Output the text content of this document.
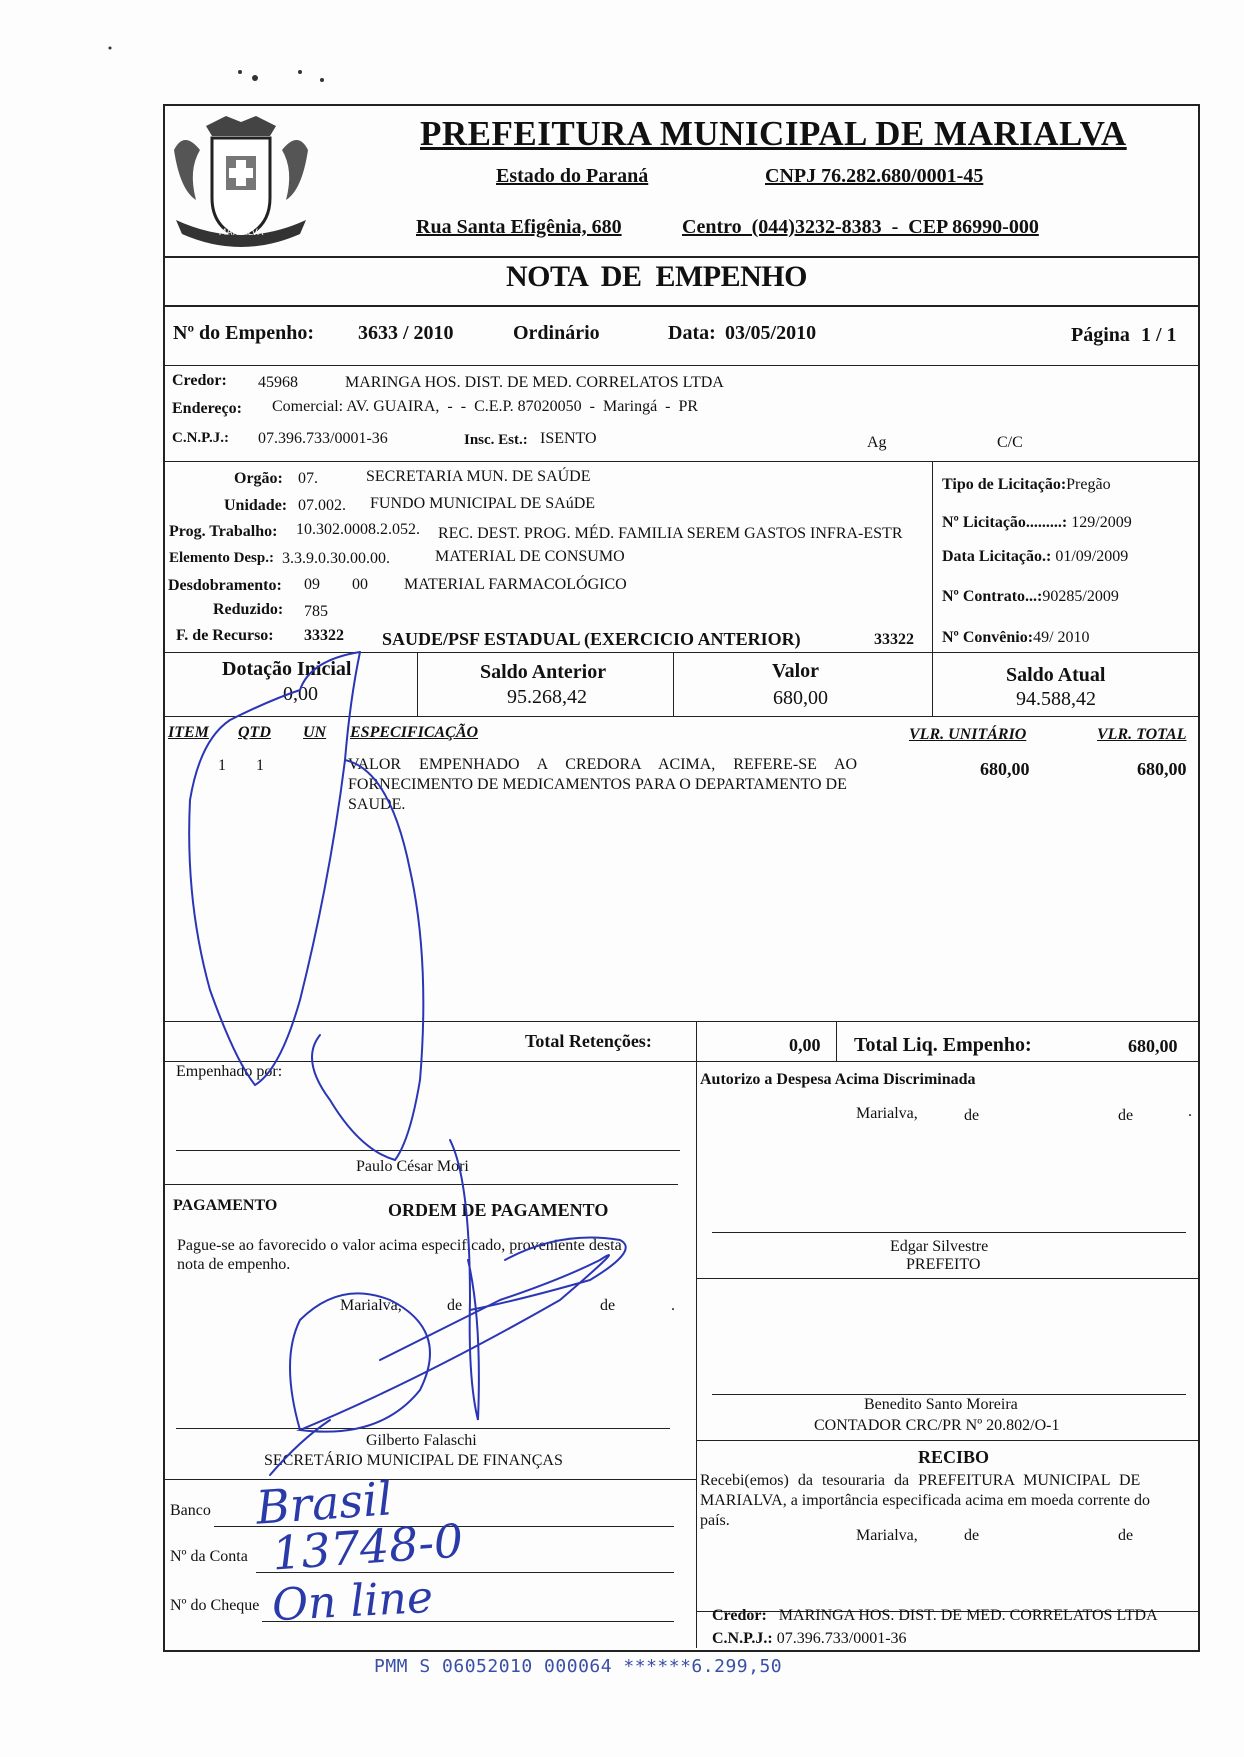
MARIALVA
PREFEITURA MUNICIPAL DE MARIALVA
Estado do Paraná	CNPJ 76.282.680/0001-45
Rua Santa Efigênia, 680	Centro  (044)3232-8383  -  CEP 86990-000
NOTA  DE  EMPENHO
Nº do Empenho: 3633 / 2010	Ordinário	Data: 03/05/2010	Página 1 / 1
Credor: 45968	MARINGA HOS. DIST. DE MED. CORRELATOS LTDA
Endereço: Comercial: AV. GUAIRA,  -  -  C.E.P. 87020050  -  Maringá  -  PR
C.N.P.J.: 07.396.733/0001-36	Insc. Est.: ISENTO	Ag	C/C
Orgão: 07.	SECRETARIA MUN. DE SAÚDE
Unidade: 07.002. FUNDO MUNICIPAL DE SAúDE
Prog. Trabalho: 10.302.0008.2.052. REC. DEST. PROG. MÉD. FAMILIA SEREM GASTOS INFRA-ESTR
Elemento Desp.: 3.3.9.0.30.00.00.	MATERIAL DE CONSUMO
Desdobramento: 09 00 MATERIAL FARMACOLÓGICO
Reduzido: 785
F. de Recurso: 33322 SAUDE/PSF ESTADUAL (EXERCICIO ANTERIOR)	33322
Tipo de Licitação:Pregão
Nº Licitação.........: 129/2009
Data Licitação.: 01/09/2009
Nº Contrato...:90285/2009
Nº Convênio:49/ 2010
Dotação Inicial
0,00
Saldo Anterior
95.268,42
Valor
680,00
Saldo Atual
94.588,42
ITEM QTD UN ESPECIFICAÇÃO	VLR. UNITÁRIO	VLR. TOTAL
1 1	VALOR EMPENHADO A CREDORA ACIMA, REFERE-SE AO
FORNECIMENTO DE MEDICAMENTOS PARA O DEPARTAMENTO DE
SAUDE.
680,00	680,00
Total Retenções:	0,00 Total Liq. Empenho:	680,00
Empenhado por:
Paulo César Mori
PAGAMENTO	ORDEM DE PAGAMENTO
Pague-se ao favorecido o valor acima especificado, proveniente desta
nota de empenho.
Marialva,	de	de	.
Gilberto Falaschi
SECRETÁRIO MUNICIPAL DE FINANÇAS
Banco Brasil
Nº da Conta 13748-0
Nº do Cheque On line
Autorizo a Despesa Acima Discriminada
Marialva,	de	de	.
Edgar Silvestre
PREFEITO
Benedito Santo Moreira
CONTADOR CRC/PR Nº 20.802/O-1
RECIBO
Recebi(emos) da tesouraria da PREFEITURA MUNICIPAL DE
MARIALVA, a importância especificada acima em moeda corrente do
país.
Marialva,	de	de
Credor: MARINGA HOS. DIST. DE MED. CORRELATOS LTDA
C.N.P.J.: 07.396.733/0001-36
PMM S 06052010 000064 ******6.299,50
